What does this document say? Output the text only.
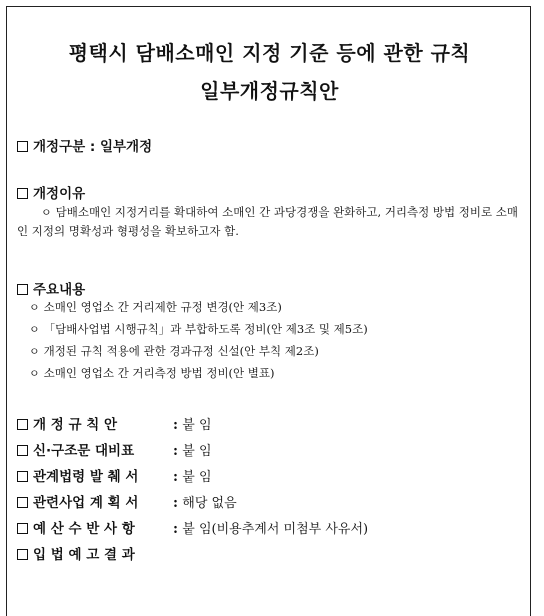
평택시 담배소매인 지정 기준 등에 관한 규칙
일부개정규칙안
개정구분 : 일부개정
개정이유
ㅇ 담배소매인 지정거리를 확대하여 소매인 간 과당경쟁을 완화하고, 거리측정 방법 정비로 소매인 지정의 명확성과 형평성을 확보하고자 함.
주요내용
ㅇ 소매인 영업소 간 거리제한 규정 변경(안 제3조)
ㅇ 「담배사업법 시행규칙」과 부합하도록 정비(안 제3조 및 제5조)
ㅇ 개정된 규칙 적용에 관한 경과규정 신설(안 부칙 제2조)
ㅇ 소매인 영업소 간 거리측정 방법 정비(안 별표)
개 정 규 칙 안	: 붙 임
신·구조문 대비표	: 붙 임
관계법령 발 췌 서	: 붙 임
관련사업 계 획 서	: 해당 없음
예 산 수 반 사 항	: 붙 임(비용추계서 미첨부 사유서)
입 법 예 고 결 과
